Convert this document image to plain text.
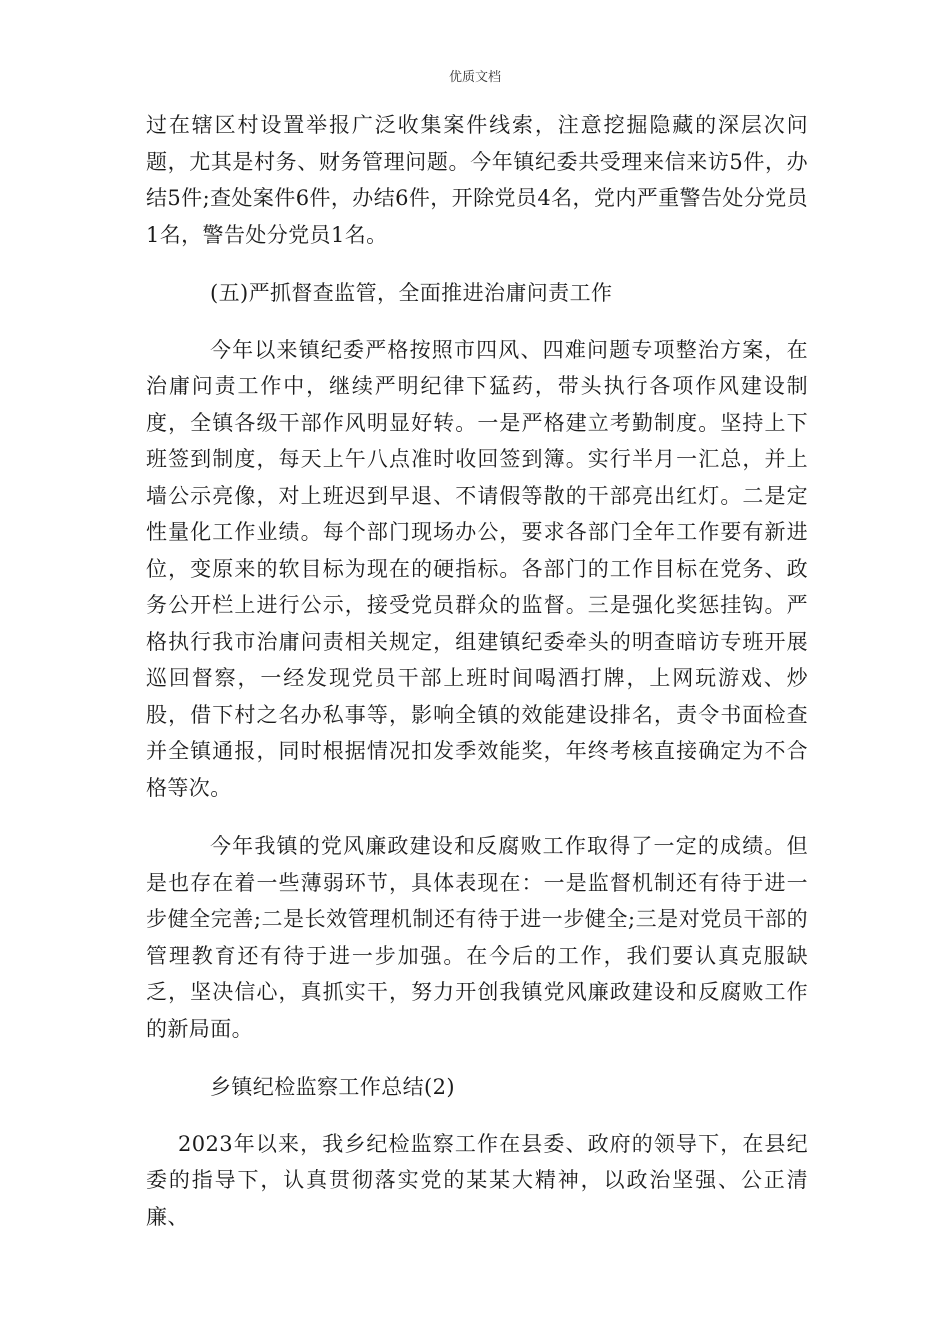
优质文档

过在辖区村设置举报广泛收集案件线索，注意挖掘隐藏的深层次问题，尤其是村务、财务管理问题。今年镇纪委共受理来信来访5件，办结5件;查处案件6件，办结6件，开除党员4名，党内严重警告处分党员1名，警告处分党员1名。

(五)严抓督查监管，全面推进治庸问责工作

今年以来镇纪委严格按照市四风、四难问题专项整治方案，在治庸问责工作中，继续严明纪律下猛药，带头执行各项作风建设制度，全镇各级干部作风明显好转。一是严格建立考勤制度。坚持上下班签到制度，每天上午八点准时收回签到簿。实行半月一汇总，并上墙公示亮像，对上班迟到早退、不请假等散的干部亮出红灯。二是定性量化工作业绩。每个部门现场办公，要求各部门全年工作要有新进位，变原来的软目标为现在的硬指标。各部门的工作目标在党务、政务公开栏上进行公示，接受党员群众的监督。三是强化奖惩挂钩。严格执行我市治庸问责相关规定，组建镇纪委牵头的明查暗访专班开展巡回督察，一经发现党员干部上班时间喝酒打牌，上网玩游戏、炒股，借下村之名办私事等，影响全镇的效能建设排名，责令书面检查并全镇通报，同时根据情况扣发季效能奖，年终考核直接确定为不合格等次。

今年我镇的党风廉政建设和反腐败工作取得了一定的成绩。但是也存在着一些薄弱环节，具体表现在：一是监督机制还有待于进一步健全完善;二是长效管理机制还有待于进一步健全;三是对党员干部的管理教育还有待于进一步加强。在今后的工作，我们要认真克服缺乏，坚决信心，真抓实干，努力开创我镇党风廉政建设和反腐败工作的新局面。

乡镇纪检监察工作总结(2)

2023年以来，我乡纪检监察工作在县委、政府的领导下，在县纪委的指导下，认真贯彻落实党的某某大精神，以政治坚强、公正清廉、
